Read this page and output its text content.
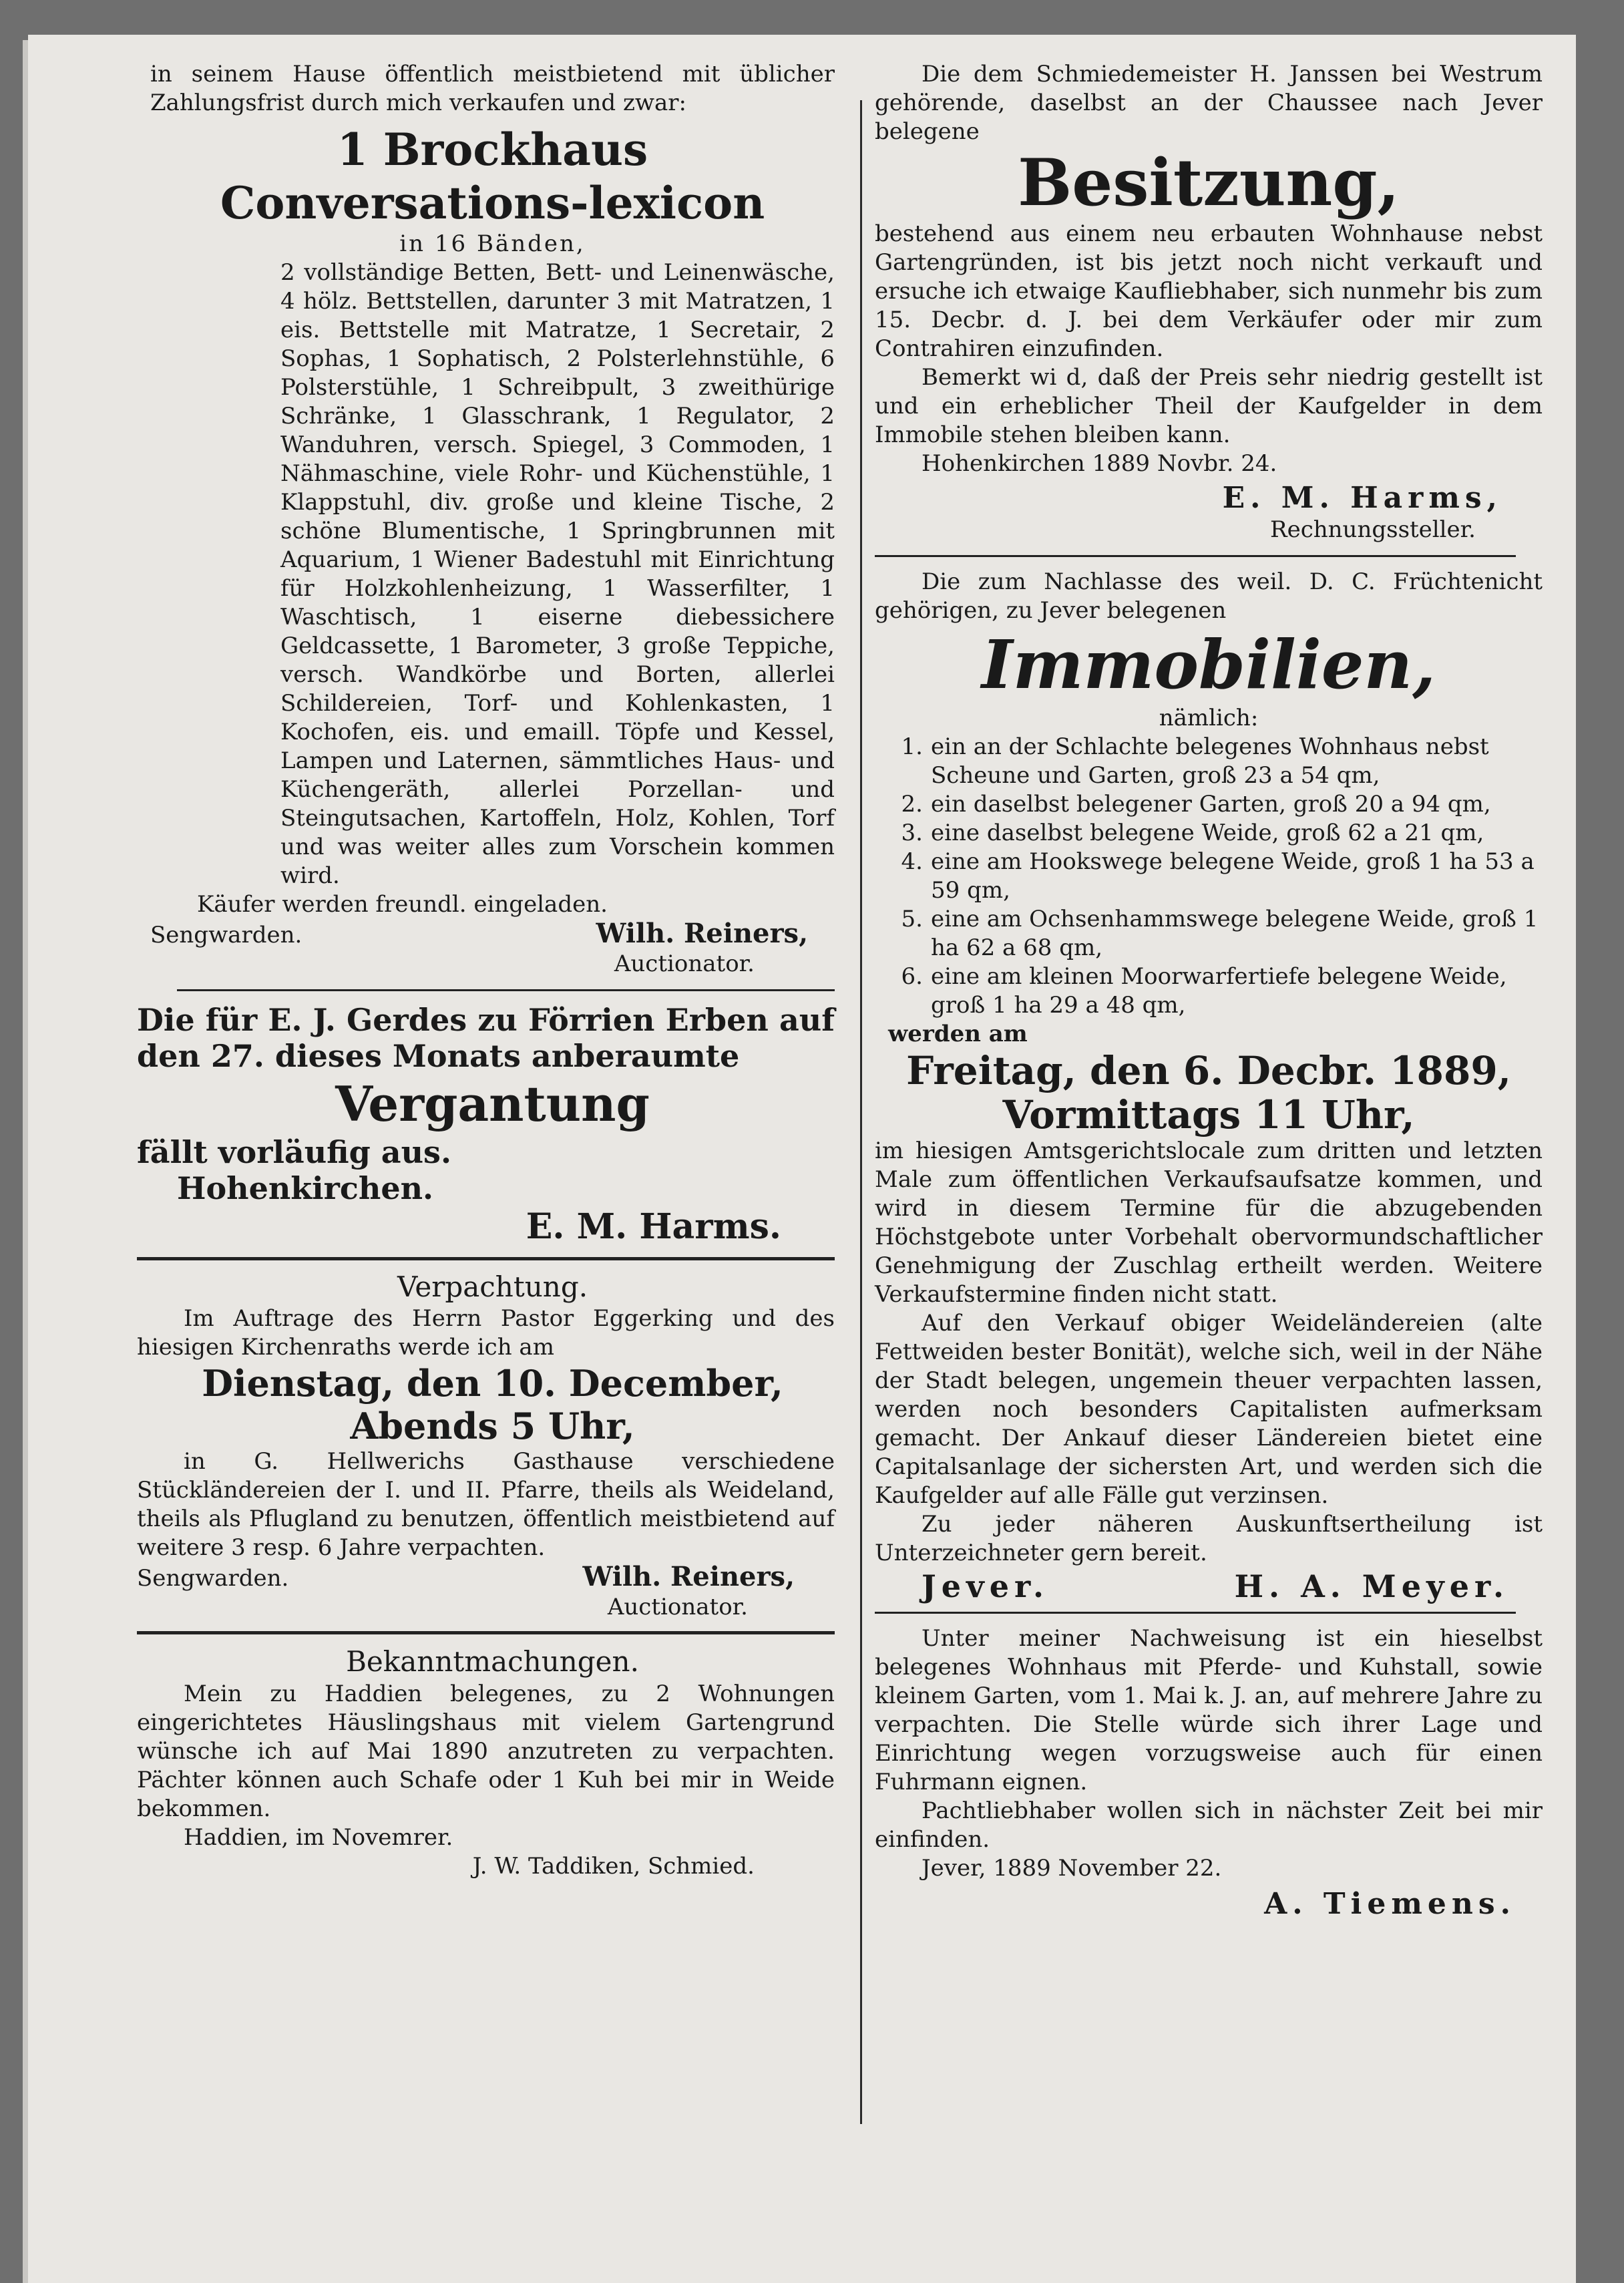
in seinem Hause öffentlich meistbietend mit üblicher Zahlungsfrist durch mich verkaufen und zwar:

1 Brockhaus Conversations-lexicon

in 16 Bänden,

2 vollständige Betten, Bett- und Leinenwäsche, 4 hölz. Bettstellen, darunter 3 mit Matratzen, 1 eis. Bettstelle mit Matratze, 1 Secretair, 2 Sophas, 1 Sophatisch, 2 Polsterlehnstühle, 6 Polsterstühle, 1 Schreibpult, 3 zweithürige Schränke, 1 Glasschrank, 1 Regulator, 2 Wanduhren, versch. Spiegel, 3 Commoden, 1 Nähmaschine, viele Rohr- und Küchenstühle, 1 Klappstuhl, div. große und kleine Tische, 2 schöne Blumentische, 1 Springbrunnen mit Aquarium, 1 Wiener Badestuhl mit Einrichtung für Holzkohlenheizung, 1 Wasserfilter, 1 Waschtisch, 1 eiserne diebessichere Geldcassette, 1 Barometer, 3 große Teppiche, versch. Wandkörbe und Borten, allerlei Schildereien, Torf- und Kohlenkasten, 1 Kochofen, eis. und emaill. Töpfe und Kessel, Lampen und Laternen, sämmtliches Haus- und Küchengeräth, allerlei Porzellan- und Steingutsachen, Kartoffeln, Holz, Kohlen, Torf und was weiter alles zum Vorschein kommen wird.

Käufer werden freundl. eingeladen.

Sengwarden.	Wilh. Reiners,

Auctionator.

Die für E. J. Gerdes zu Förrien Erben auf den 27. dieses Monats anberaumte

Vergantung

fällt vorläufig aus.

Hohenkirchen.

E. M. Harms.

Verpachtung.

Im Auftrage des Herrn Pastor Eggerking und des hiesigen Kirchenraths werde ich am

Dienstag, den 10. December,

Abends 5 Uhr,

in G. Hellwerichs Gasthause verschiedene Stückländereien der I. und II. Pfarre, theils als Weideland, theils als Pflugland zu benutzen, öffentlich meistbietend auf weitere 3 resp. 6 Jahre verpachten.

Sengwarden.	Wilh. Reiners,

Auctionator.

Bekanntmachungen.

Mein zu Haddien belegenes, zu 2 Wohnungen eingerichtetes Häuslingshaus mit vielem Gartengrund wünsche ich auf Mai 1890 anzutreten zu verpachten. Pächter können auch Schafe oder 1 Kuh bei mir in Weide bekommen.

Haddien, im Novemrer.

J. W. Taddiken, Schmied.

Die dem Schmiedemeister H. Janssen bei Westrum gehörende, daselbst an der Chaussee nach Jever belegene

Besitzung,

bestehend aus einem neu erbauten Wohnhause nebst Gartengründen, ist bis jetzt noch nicht verkauft und ersuche ich etwaige Kaufliebhaber, sich nunmehr bis zum 15. Decbr. d. J. bei dem Verkäufer oder mir zum Contrahiren einzufinden.

Bemerkt wi d, daß der Preis sehr niedrig gestellt ist und ein erheblicher Theil der Kaufgelder in dem Immobile stehen bleiben kann.

Hohenkirchen 1889 Novbr. 24.

E. M. Harms,

Rechnungssteller.

Die zum Nachlasse des weil. D. C. Früchtenicht gehörigen, zu Jever belegenen

Immobilien,

nämlich:

1. ein an der Schlachte belegenes Wohnhaus nebst Scheune und Garten, groß 23 a 54 qm,
2. ein daselbst belegener Garten, groß 20 a 94 qm,
3. eine daselbst belegene Weide, groß 62 a 21 qm,
4. eine am Hookswege belegene Weide, groß 1 ha 53 a 59 qm,
5. eine am Ochsenhammswege belegene Weide, groß 1 ha 62 a 68 qm,
6. eine am kleinen Moorwarfertiefe belegene Weide, groß 1 ha 29 a 48 qm,

werden am

Freitag, den 6. Decbr. 1889,

Vormittags 11 Uhr,

im hiesigen Amtsgerichtslocale zum dritten und letzten Male zum öffentlichen Verkaufsaufsatze kommen, und wird in diesem Termine für die abzugebenden Höchstgebote unter Vorbehalt obervormundschaftlicher Genehmigung der Zuschlag ertheilt werden. Weitere Verkaufstermine finden nicht statt.

Auf den Verkauf obiger Weideländereien (alte Fettweiden bester Bonität), welche sich, weil in der Nähe der Stadt belegen, ungemein theuer verpachten lassen, werden noch besonders Capitalisten aufmerksam gemacht. Der Ankauf dieser Ländereien bietet eine Capitalsanlage der sichersten Art, und werden sich die Kaufgelder auf alle Fälle gut verzinsen.

Zu jeder näheren Auskunftsertheilung ist Unterzeichneter gern bereit.

Jever.	H. A. Meyer.

Unter meiner Nachweisung ist ein hieselbst belegenes Wohnhaus mit Pferde- und Kuhstall, sowie kleinem Garten, vom 1. Mai k. J. an, auf mehrere Jahre zu verpachten. Die Stelle würde sich ihrer Lage und Einrichtung wegen vorzugsweise auch für einen Fuhrmann eignen.

Pachtliebhaber wollen sich in nächster Zeit bei mir einfinden.

Jever, 1889 November 22.

A. Tiemens.
